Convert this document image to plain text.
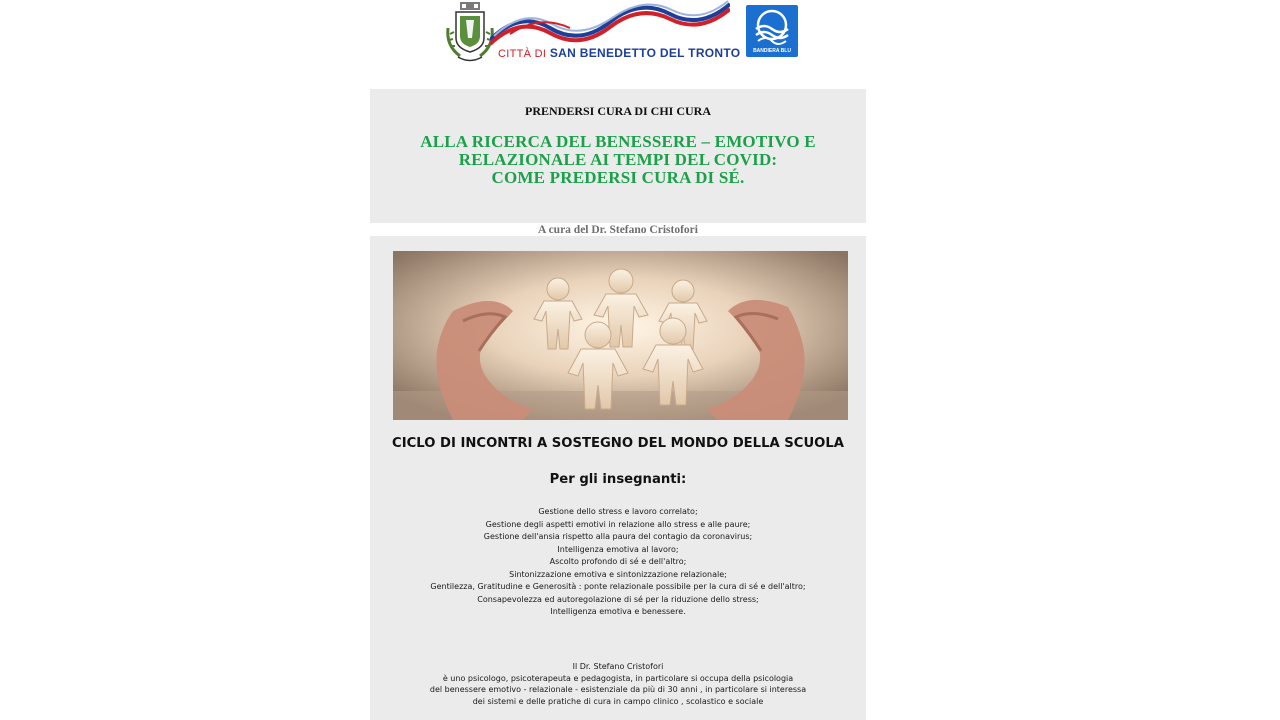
CITTÀ DI SAN BENEDETTO DEL TRONTO	BANDIERA BLU
PRENDERSI CURA DI CHI CURA
ALLA RICERCA DEL BENESSERE – EMOTIVO E
RELAZIONALE AI TEMPI DEL COVID:
COME PREDERSI CURA DI SÉ.
A cura del Dr. Stefano Cristofori
CICLO DI INCONTRI A SOSTEGNO DEL MONDO DELLA SCUOLA
Per gli insegnanti:
Gestione dello stress e lavoro correlato;
Gestione degli aspetti emotivi in relazione allo stress e alle paure;
Gestione dell'ansia rispetto alla paura del contagio da coronavirus;
Intelligenza emotiva al lavoro;
Ascolto profondo di sé e dell'altro;
Sintonizzazione emotiva e sintonizzazione relazionale;
Gentilezza, Gratitudine e Generosità : ponte relazionale possibile per la cura di sé e dell'altro;
Consapevolezza ed autoregolazione di sé per la riduzione dello stress;
Intelligenza emotiva e benessere.
Il Dr. Stefano Cristofori
è uno psicologo, psicoterapeuta e pedagogista, in particolare si occupa della psicologia
del benessere emotivo - relazionale - esistenziale da più di 30 anni , in particolare si interessa
dei sistemi e delle pratiche di cura in campo clinico , scolastico e sociale
